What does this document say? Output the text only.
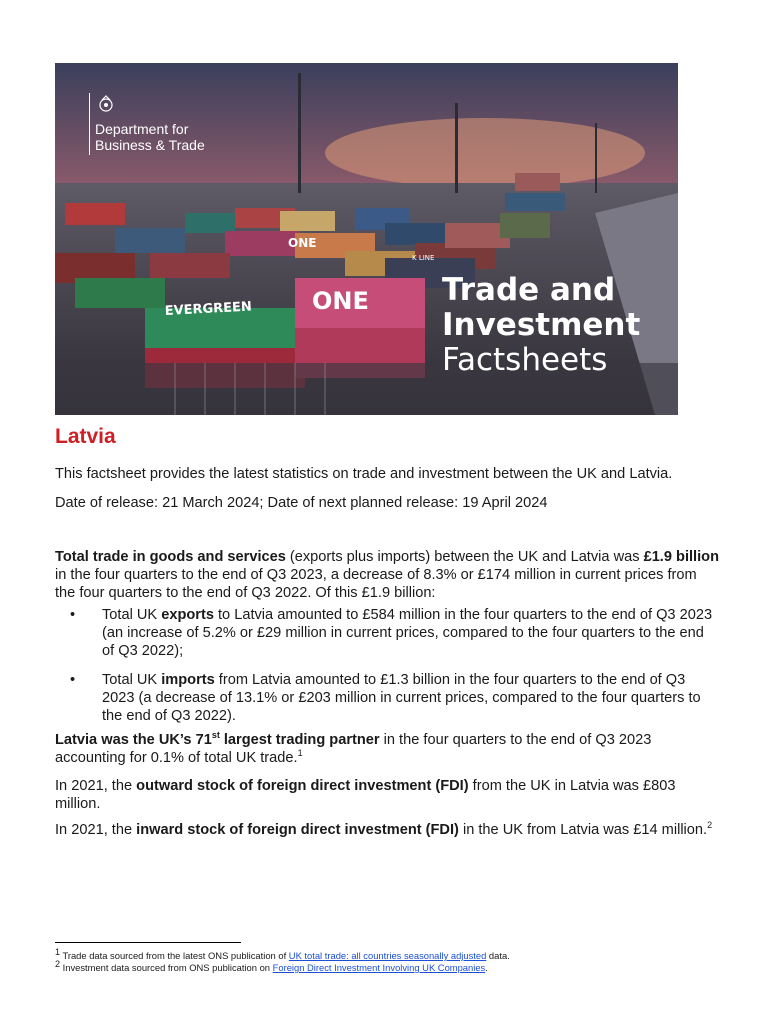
ONE
K LINE
EVERGREEN ONE
Department for
Business & Trade
Trade and
Investment
Factsheets
Latvia
This factsheet provides the latest statistics on trade and investment between the UK and Latvia.
Date of release: 21 March 2024; Date of next planned release: 19 April 2024
Total trade in goods and services (exports plus imports) between the UK and Latvia was £1.9 billion in the four quarters to the end of Q3 2023, a decrease of 8.3% or £174 million in current prices from the four quarters to the end of Q3 2022. Of this £1.9 billion:
• Total UK exports to Latvia amounted to £584 million in the four quarters to the end of Q3 2023 (an increase of 5.2% or £29 million in current prices, compared to the four quarters to the end of Q3 2022);
• Total UK imports from Latvia amounted to £1.3 billion in the four quarters to the end of Q3 2023 (a decrease of 13.1% or £203 million in current prices, compared to the four quarters to the end of Q3 2022).
Latvia was the UK’s 71st largest trading partner in the four quarters to the end of Q3 2023 accounting for 0.1% of total UK trade.$^1$
In 2021, the outward stock of foreign direct investment (FDI) from the UK in Latvia was £803 million.
In 2021, the inward stock of foreign direct investment (FDI) in the UK from Latvia was £14 million.$^2$
$^1$ Trade data sourced from the latest ONS publication of UK total trade: all countries seasonally adjusted data.
$^2$ Investment data sourced from ONS publication on Foreign Direct Investment Involving UK Companies.
